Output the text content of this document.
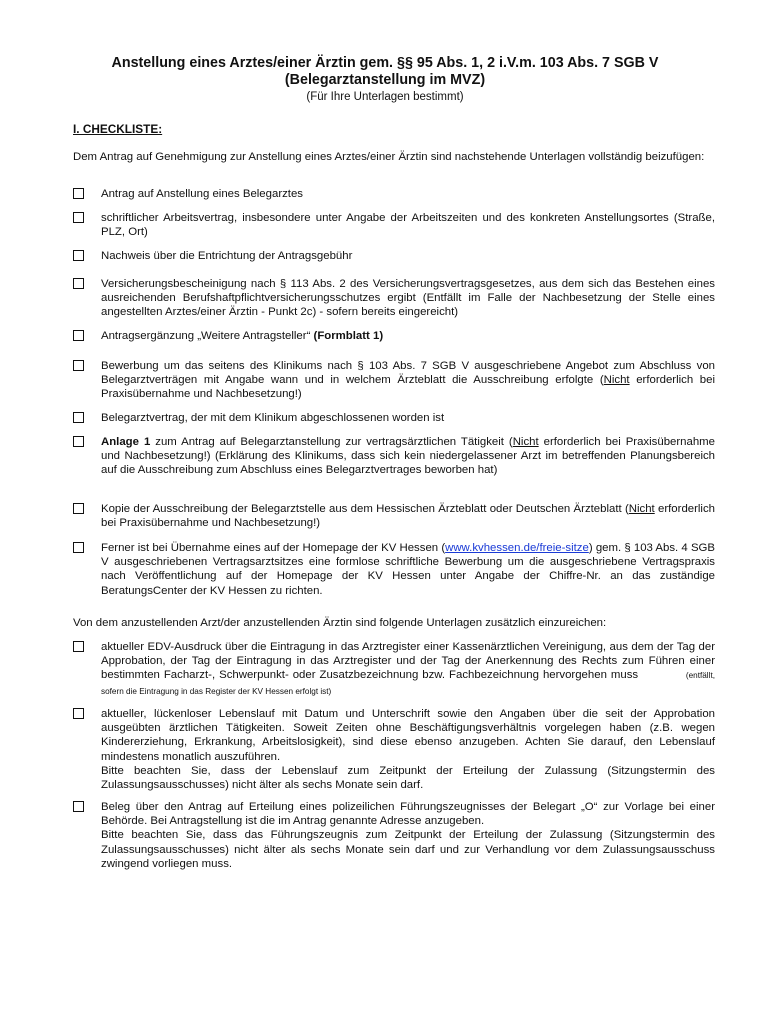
Anstellung eines Arztes/einer Ärztin gem. §§ 95 Abs. 1, 2 i.V.m. 103 Abs. 7 SGB V
(Belegarztanstellung im MVZ)
(Für Ihre Unterlagen bestimmt)
I. CHECKLISTE:
Dem Antrag auf Genehmigung zur Anstellung eines Arztes/einer Ärztin sind nachstehende Unterlagen vollständig beizufügen:
Antrag auf Anstellung eines Belegarztes
schriftlicher Arbeitsvertrag, insbesondere unter Angabe der Arbeitszeiten und des konkreten Anstellungsortes (Straße, PLZ, Ort)
Nachweis über die Entrichtung der Antragsgebühr
Versicherungsbescheinigung nach § 113 Abs. 2 des Versicherungsvertragsgesetzes, aus dem sich das Bestehen eines ausreichenden Berufshaftpflichtversicherungsschutzes ergibt (Entfällt im Falle der Nachbesetzung der Stelle eines angestellten Arztes/einer Ärztin - Punkt 2c) - sofern bereits eingereicht)
Antragsergänzung „Weitere Antragsteller“ (Formblatt 1)
Bewerbung um das seitens des Klinikums nach § 103 Abs. 7 SGB V ausgeschriebene Angebot zum Abschluss von Belegarztverträgen mit Angabe wann und in welchem Ärzteblatt die Ausschreibung erfolgte (Nicht erforderlich bei Praxisübernahme und Nachbesetzung!)
Belegarztvertrag, der mit dem Klinikum abgeschlossenen worden ist
Anlage 1 zum Antrag auf Belegarztanstellung zur vertragsärztlichen Tätigkeit (Nicht erforderlich bei Praxisübernahme und Nachbesetzung!) (Erklärung des Klinikums, dass sich kein niedergelassener Arzt im betreffenden Planungsbereich auf die Ausschreibung zum Abschluss eines Belegarztvertrages beworben hat)
Kopie der Ausschreibung der Belegarztstelle aus dem Hessischen Ärzteblatt oder Deutschen Ärzteblatt (Nicht erforderlich bei Praxisübernahme und Nachbesetzung!)
Ferner ist bei Übernahme eines auf der Homepage der KV Hessen (www.kvhessen.de/freie-sitze) gem. § 103 Abs. 4 SGB V ausgeschriebenen Vertragsarztsitzes eine formlose schriftliche Bewerbung um die ausgeschriebene Vertragspraxis nach Veröffentlichung auf der Homepage der KV Hessen unter Angabe der Chiffre-Nr. an das zuständige BeratungsCenter der KV Hessen zu richten.
Von dem anzustellenden Arzt/der anzustellenden Ärztin sind folgende Unterlagen zusätzlich einzureichen:
aktueller EDV-Ausdruck über die Eintragung in das Arztregister einer Kassenärztlichen Vereinigung, aus dem der Tag der Approbation, der Tag der Eintragung in das Arztregister und der Tag der Anerkennung des Rechts zum Führen einer bestimmten Facharzt-, Schwerpunkt- oder Zusatzbezeichnung bzw. Fachbezeichnung hervorgehen muss	(entfällt, sofern die Eintragung in das Register der KV Hessen erfolgt ist)
aktueller, lückenloser Lebenslauf mit Datum und Unterschrift sowie den Angaben über die seit der Approbation ausgeübten ärztlichen Tätigkeiten. Soweit Zeiten ohne Beschäftigungsverhältnis vorgelegen haben (z.B. wegen Kindererziehung, Erkrankung, Arbeitslosigkeit), sind diese ebenso anzugeben. Achten Sie darauf, den Lebenslauf mindestens monatlich auszuführen.
Bitte beachten Sie, dass der Lebenslauf zum Zeitpunkt der Erteilung der Zulassung (Sitzungstermin des Zulassungsausschusses) nicht älter als sechs Monate sein darf.
Beleg über den Antrag auf Erteilung eines polizeilichen Führungszeugnisses der Belegart „O“ zur Vorlage bei einer Behörde. Bei Antragstellung ist die im Antrag genannte Adresse anzugeben.
Bitte beachten Sie, dass das Führungszeugnis zum Zeitpunkt der Erteilung der Zulassung (Sitzungstermin des Zulassungsausschusses) nicht älter als sechs Monate sein darf und zur Verhandlung vor dem Zulassungsausschuss zwingend vorliegen muss.
